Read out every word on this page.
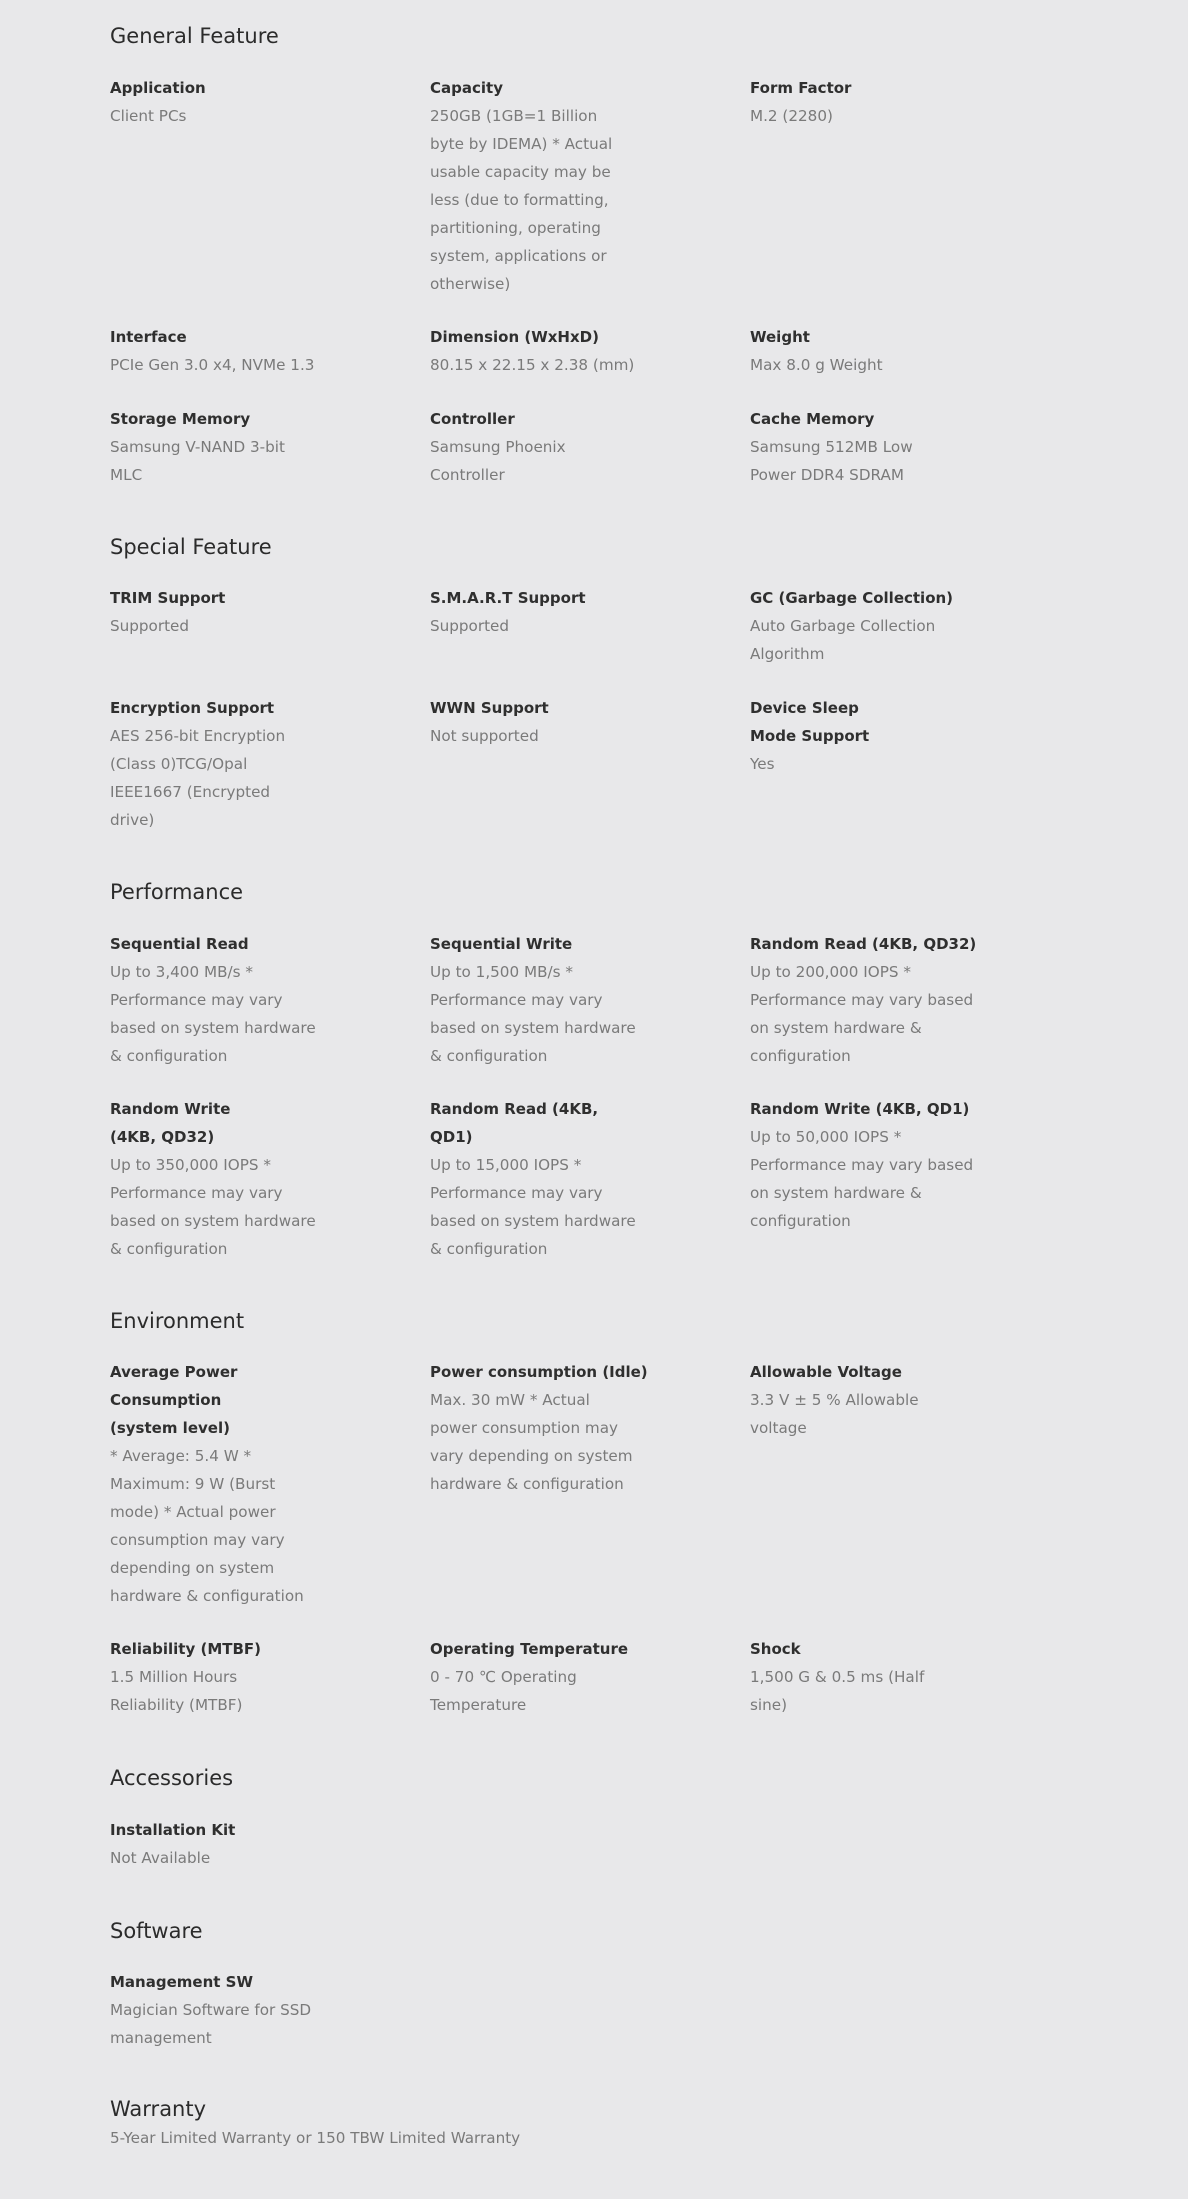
General Feature

Application

Client PCs

Capacity

250GB (1GB=1 Billion byte by IDEMA) * Actual usable capacity may be less (due to formatting, partitioning, operating system, applications or otherwise)

Form Factor

M.2 (2280)

Interface

PCIe Gen 3.0 x4, NVMe 1.3

Dimension (WxHxD)

80.15 x 22.15 x 2.38 (mm)

Weight

Max 8.0 g Weight

Storage Memory

Samsung V-NAND 3-bit MLC

Controller

Samsung Phoenix Controller

Cache Memory

Samsung 512MB Low Power DDR4 SDRAM

Special Feature

TRIM Support

Supported

S.M.A.R.T Support

Supported

GC (Garbage Collection)

Auto Garbage Collection Algorithm

Encryption Support

AES 256-bit Encryption (Class 0)TCG/Opal IEEE1667 (Encrypted drive)

WWN Support

Not supported

Device Sleep Mode Support

Yes

Performance

Sequential Read

Up to 3,400 MB/s * Performance may vary based on system hardware & configuration

Sequential Write

Up to 1,500 MB/s * Performance may vary based on system hardware & configuration

Random Read (4KB, QD32)

Up to 200,000 IOPS * Performance may vary based on system hardware & configuration

Random Write (4KB, QD32)

Up to 350,000 IOPS * Performance may vary based on system hardware & configuration

Random Read (4KB, QD1)

Up to 15,000 IOPS * Performance may vary based on system hardware & configuration

Random Write (4KB, QD1)

Up to 50,000 IOPS * Performance may vary based on system hardware & configuration

Environment

Average Power Consumption (system level)

* Average: 5.4 W * Maximum: 9 W (Burst mode) * Actual power consumption may vary depending on system hardware & configuration

Power consumption (Idle)

Max. 30 mW * Actual power consumption may vary depending on system hardware & configuration

Allowable Voltage

3.3 V ± 5 % Allowable voltage

Reliability (MTBF)

1.5 Million Hours Reliability (MTBF)

Operating Temperature

0 - 70 ℃ Operating Temperature

Shock

1,500 G & 0.5 ms (Half sine)

Accessories

Installation Kit

Not Available

Software

Management SW

Magician Software for SSD management

Warranty

5-Year Limited Warranty or 150 TBW Limited Warranty
